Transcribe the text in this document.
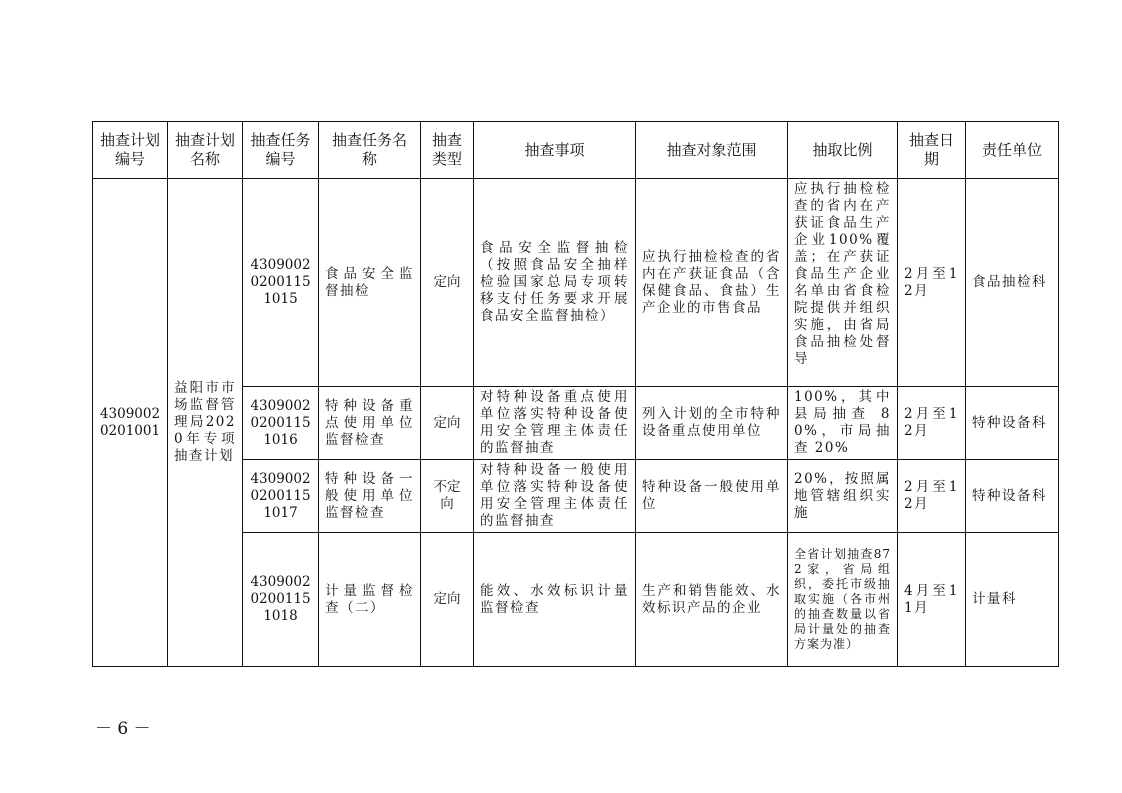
抽查计划编号	抽查计划名称	抽查任务编号	抽查任务名称	抽查类型	抽查事项	抽查对象范围	抽取比例	抽查日期	责任单位
4309002 0201001	益阳市市场监督管理局2020年专项抽查计划	4309002 0200115 1015	食品安全监督抽检	定向	食品安全监督抽检（按照食品安全抽样检验国家总局专项转移支付任务要求开展食品安全监督抽检）	应执行抽检检查的省内在产获证食品（含保健食品、食盐）生产企业的市售食品	应执行抽检检查的省内在产获证食品生产企业100%覆盖；在产获证食品生产企业名单由省食检院提供并组织实施，由省局食品抽检处督导	2月至12月	食品抽检科
		4309002 0200115 1016	特种设备重点使用单位监督检查	定向	对特种设备重点使用单位落实特种设备使用安全管理主体责任的监督抽查	列入计划的全市特种设备重点使用单位	100%，其中县局抽查 80%，市局抽查 20%	2月至12月	特种设备科
		4309002 0200115 1017	特种设备一般使用单位监督检查	不定向	对特种设备一般使用单位落实特种设备使用安全管理主体责任的监督抽查	特种设备一般使用单位	20%，按照属地管辖组织实施	2月至12月	特种设备科
		4309002 0200115 1018	计量监督检查（二）	定向	能效、水效标识计量监督检查	生产和销售能效、水效标识产品的企业	全省计划抽查872家，省局组织，委托市级抽取实施（各市州的抽查数量以省局计量处的抽查方案为准）	4月至11月	计量科
－ 6 －
